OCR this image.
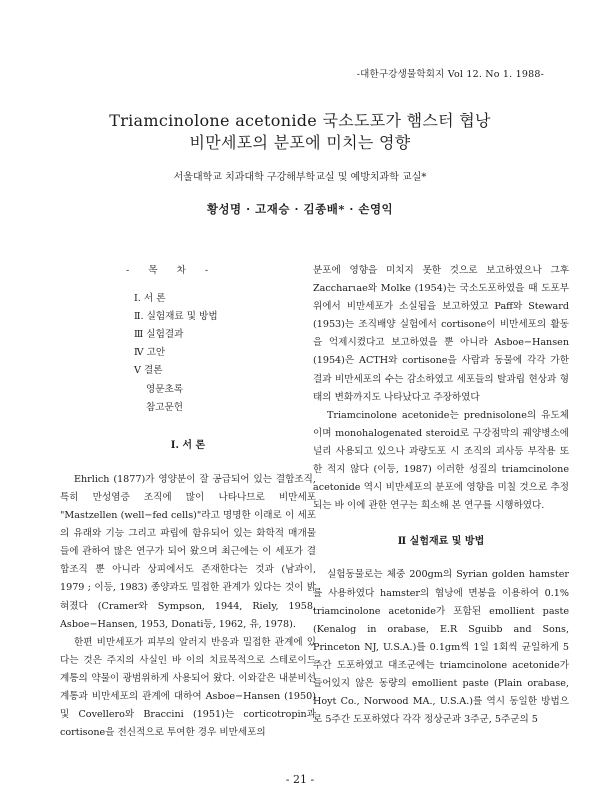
-대한구강생물학회지 Vol 12. No 1. 1988-
Triamcinolone acetonide 국소도포가 햄스터 협낭
비만세포의 분포에 미치는 영향
서울대학교 치과대학 구강해부학교실 및 예방치과학 교실*
황성명 · 고재승 · 김종배* · 손영익
- 목 차 -
I. 서 론
Ⅱ. 실험재료 및 방법
Ⅲ 실험결과
Ⅳ 고안
V 결론
영문초록
참고문헌
I. 서 론

Ehrlich (1877)가 영양분이 잘 공급되어 있는 결합조직, 특히 만성염증 조직에 많이 나타나므로 비만세포 "Mastzellen (well−fed cells)"라고 명명한 이래로 이 세포의 유래와 기능 그리고 파립에 함유되어 있는 화학적 매개물들에 관하여 많은 연구가 되어 왔으며 최근에는 이 세포가 결합조직 뿐 아니라 상피에서도 존재한다는 것과 (남과이, 1979 ; 이등, 1983) 종양과도 밀접한 관계가 있다는 것이 밝혀졌다 (Cramer와 Sympson, 1944, Riely, 1958, Asboe−Hansen, 1953, Donati등, 1962, 유, 1978).

한편 비만세포가 피부의 알러지 반응과 밀접한 관계에 있다는 것은 주지의 사실인 바 이의 치료목적으로 스테로이드 계통의 약물이 광범위하게 사용되어 왔다. 이와같은 내분비선계통과 비만세포의 관계에 대하여 Asboe−Hansen (1950) 및 Covellero와 Braccini (1951)는 corticotropin과 cortisone을 전신적으로 투여한 경우 비만세포의

분포에 영향을 미치지 못한 것으로 보고하였으나 그후 Zaccharιae와 Molke (1954)는 국소도포하였을 때 도포부위에서 비만세포가 소실됨을 보고하였고 Paff와 Steward (1953)는 조직배양 실험에서 cortisone이 비만세포의 활동을 억제시켰다고 보고하였을 뿐 아니라 Asboe−Hansen (1954)은 ACTH와 cortisone을 사람과 동물에 각각 가한 결과 비만세포의 수는 감소하였고 세포들의 탈과립 현상과 형태의 변화까지도 나타났다고 주장하였다

Triamcinolone acetonide는 prednisolone의 유도체이며 monohalogenated steroid로 구강점막의 궤양병소에 널리 사용되고 있으나 과량도포 시 조직의 괴사등 부작용 또한 적지 않다 (이등, 1987) 이러한 성질의 triamcinolone acetonide 역시 비만세포의 분포에 영향을 미칠 것으로 추정되는 바 이에 관한 연구는 희소해 본 연구를 시행하였다.

Ⅱ 실험재료 및 방법

실험동물로는 체중 200gm의 Syrian golden hamster를 사용하였다 hamster의 협낭에 면봉을 이용하여 0.1% triamcinolone acetonide가 포함된 emollient paste (Kenalog in orabase, E.R Sguibb and Sons, Princeton NJ, U.S.A.)를 0.1gm씩 1일 1회씩 균일하게 5주간 도포하였고 대조군에는 triamcinolone acetonide가 들어있지 않은 동량의 emollient paste (Plain orabase, Hoyt Co., Norwood MA., U.S.A.)를 역시 동일한 방법으로 5주간 도포하였다 각각 정상군과 3주군, 5주군의 5

- 21 -
